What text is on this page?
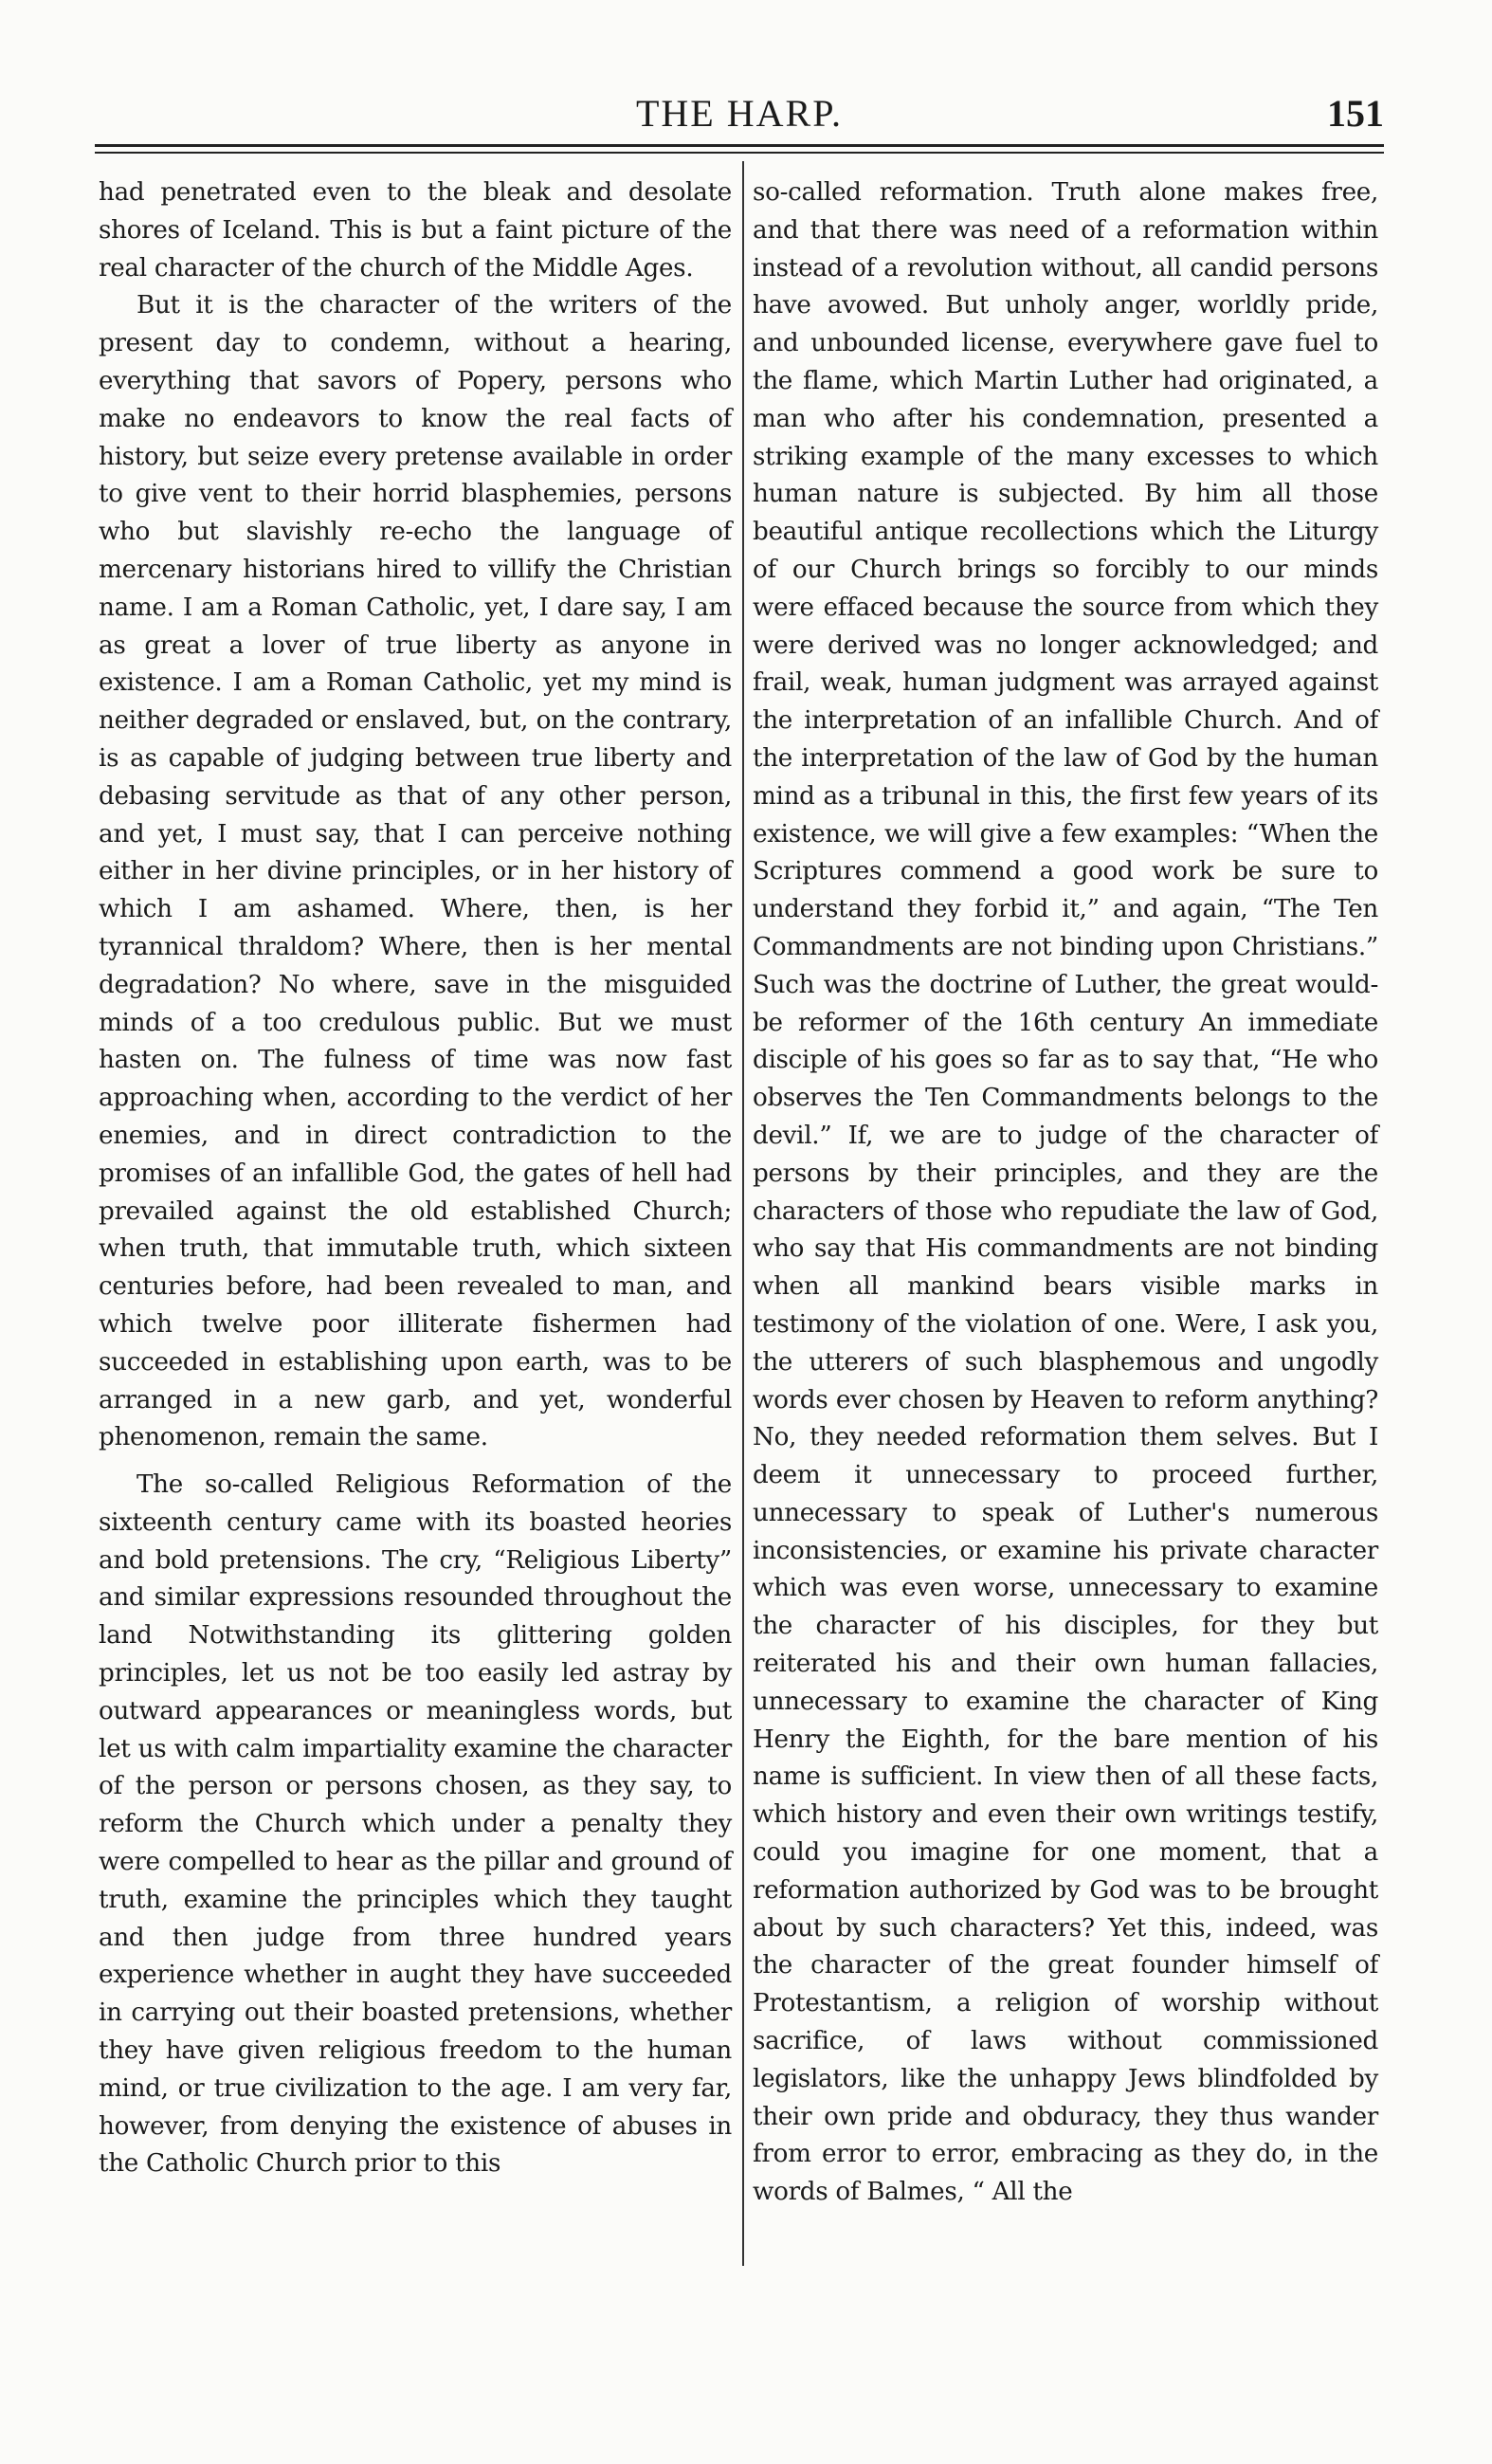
THE HARP.	151

had penetrated even to the bleak and desolate shores of Iceland. This is but a faint picture of the real character of the church of the Middle Ages.

But it is the character of the writers of the present day to condemn, without a hearing, everything that savors of Popery, persons who make no endeavors to know the real facts of history, but seize every pretense available in order to give vent to their horrid blasphemies, persons who but slavishly re-echo the language of mercenary historians hired to villify the Christian name. I am a Roman Catholic, yet, I dare say, I am as great a lover of true liberty as anyone in existence. I am a Roman Catholic, yet my mind is neither degraded or enslaved, but, on the contrary, is as capable of judging between true liberty and debasing servitude as that of any other person, and yet, I must say, that I can perceive nothing either in her divine principles, or in her history of which I am ashamed. Where, then, is her tyrannical thraldom? Where, then is her mental degradation? No where, save in the misguided minds of a too credulous public. But we must hasten on. The fulness of time was now fast approaching when, according to the verdict of her enemies, and in direct contradiction to the promises of an infallible God, the gates of hell had prevailed against the old established Church; when truth, that immutable truth, which sixteen centuries before, had been revealed to man, and which twelve poor illiterate fishermen had succeeded in establishing upon earth, was to be arranged in a new garb, and yet, wonderful phenomenon, remain the same.

The so-called Religious Reformation of the sixteenth century came with its boasted heories and bold pretensions. The cry, “Religious Liberty” and similar expressions resounded throughout the land Notwithstanding its glittering golden principles, let us not be too easily led astray by outward appearances or meaningless words, but let us with calm impartiality examine the character of the person or persons chosen, as they say, to reform the Church which under a penalty they were compelled to hear as the pillar and ground of truth, examine the principles which they taught and then judge from three hundred years experience whether in aught they have succeeded in carrying out their boasted pretensions, whether they have given religious freedom to the human mind, or true civilization to the age. I am very far, however, from denying the existence of abuses in the Catholic Church prior to this

so-called reformation. Truth alone makes free, and that there was need of a reformation within instead of a revolution without, all candid persons have avowed. But unholy anger, worldly pride, and unbounded license, everywhere gave fuel to the flame, which Martin Luther had originated, a man who after his condemnation, presented a striking example of the many excesses to which human nature is subjected. By him all those beautiful antique recollections which the Liturgy of our Church brings so forcibly to our minds were effaced because the source from which they were derived was no longer acknowledged; and frail, weak, human judgment was arrayed against the interpretation of an infallible Church. And of the interpretation of the law of God by the human mind as a tribunal in this, the first few years of its existence, we will give a few examples: “When the Scriptures commend a good work be sure to understand they forbid it,” and again, “The Ten Commandments are not binding upon Christians.” Such was the doctrine of Luther, the great would-be reformer of the 16th century An immediate disciple of his goes so far as to say that, “He who observes the Ten Commandments belongs to the devil.” If, we are to judge of the character of persons by their principles, and they are the characters of those who repudiate the law of God, who say that His commandments are not binding when all mankind bears visible marks in testimony of the violation of one. Were, I ask you, the utterers of such blasphemous and ungodly words ever chosen by Heaven to reform anything? No, they needed reformation them selves. But I deem it unnecessary to proceed further, unnecessary to speak of Luther's numerous inconsistencies, or examine his private character which was even worse, unnecessary to examine the character of his disciples, for they but reiterated his and their own human fallacies, unnecessary to examine the character of King Henry the Eighth, for the bare mention of his name is sufficient. In view then of all these facts, which history and even their own writings testify, could you imagine for one moment, that a reformation authorized by God was to be brought about by such characters? Yet this, indeed, was the character of the great founder himself of Protestantism, a religion of worship without sacrifice, of laws without commissioned legislators, like the unhappy Jews blindfolded by their own pride and obduracy, they thus wander from error to error, embracing as they do, in the words of Balmes, “ All the
